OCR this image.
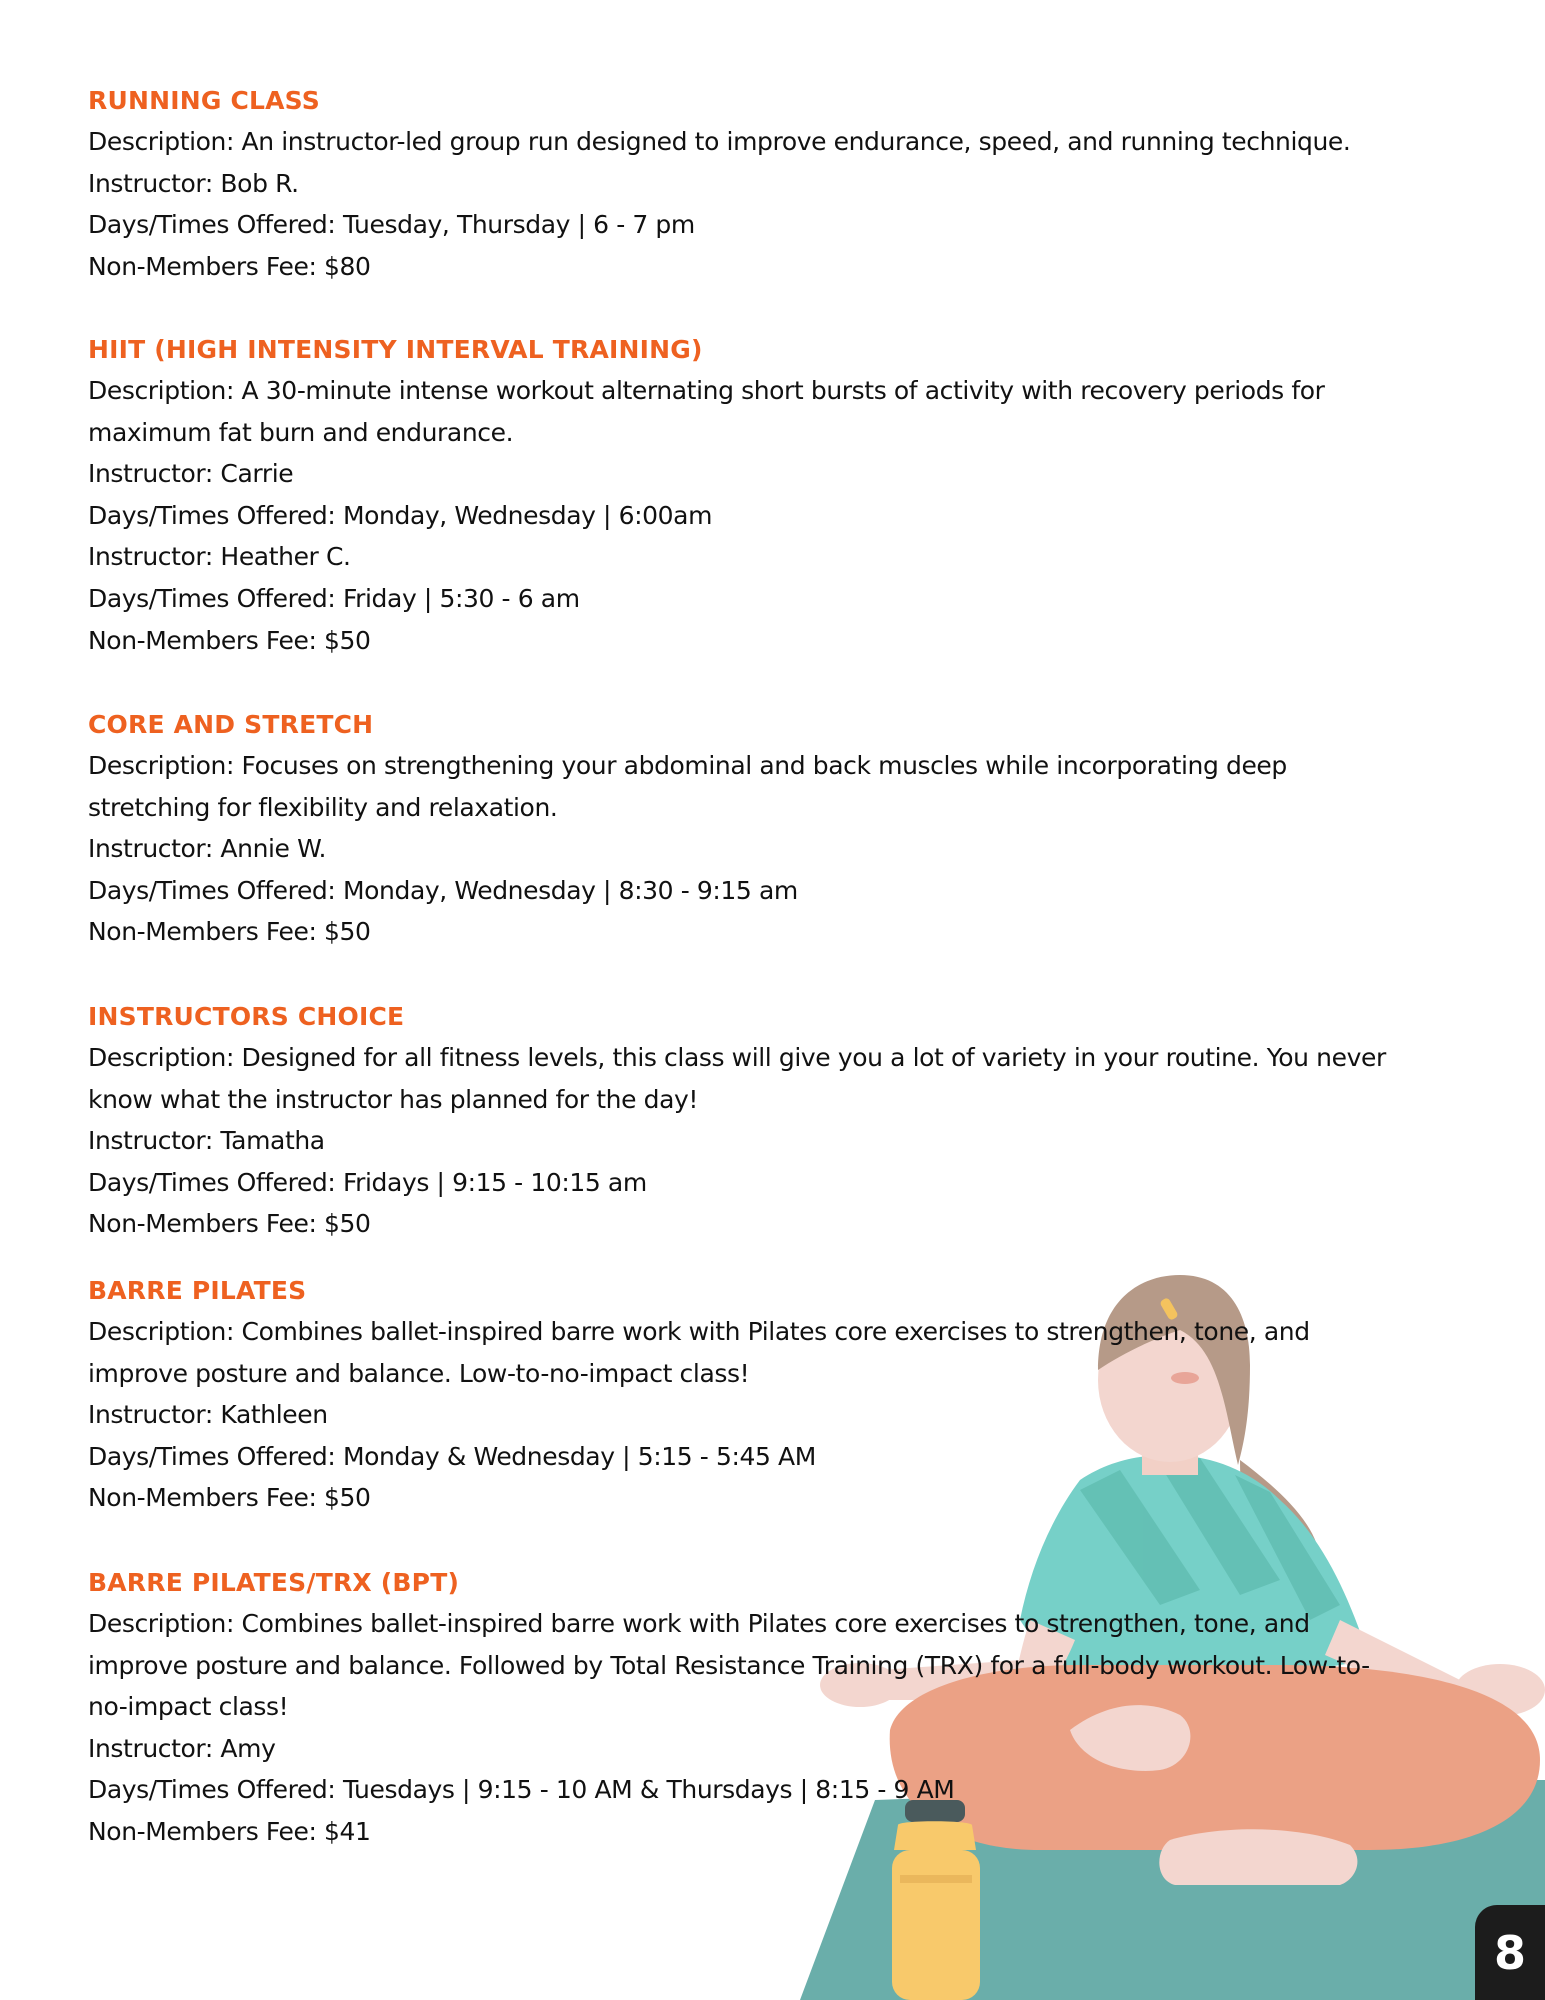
RUNNING CLASS
Description: An instructor-led group run designed to improve endurance, speed, and running technique.
Instructor: Bob R.
Days/Times Offered: Tuesday, Thursday | 6 - 7 pm
Non-Members Fee: $80
HIIT (HIGH INTENSITY INTERVAL TRAINING)
Description: A 30-minute intense workout alternating short bursts of activity with recovery periods for
maximum fat burn and endurance.
Instructor: Carrie
Days/Times Offered: Monday, Wednesday | 6:00am
Instructor: Heather C.
Days/Times Offered: Friday | 5:30 - 6 am
Non-Members Fee: $50
CORE AND STRETCH
Description: Focuses on strengthening your abdominal and back muscles while incorporating deep
stretching for flexibility and relaxation.
Instructor: Annie W.
Days/Times Offered: Monday, Wednesday | 8:30 - 9:15 am
Non-Members Fee: $50
INSTRUCTORS CHOICE
Description: Designed for all fitness levels, this class will give you a lot of variety in your routine. You never
know what the instructor has planned for the day!
Instructor: Tamatha
Days/Times Offered: Fridays | 9:15 - 10:15 am
Non-Members Fee: $50
BARRE PILATES
Description: Combines ballet-inspired barre work with Pilates core exercises to strengthen, tone, and
improve posture and balance. Low-to-no-impact class!
Instructor: Kathleen
Days/Times Offered: Monday & Wednesday | 5:15 - 5:45 AM
Non-Members Fee: $50
BARRE PILATES/TRX (BPT)
Description: Combines ballet-inspired barre work with Pilates core exercises to strengthen, tone, and
improve posture and balance. Followed by Total Resistance Training (TRX) for a full-body workout. Low-to-
no-impact class!
Instructor: Amy
Days/Times Offered: Tuesdays | 9:15 - 10 AM & Thursdays | 8:15 - 9 AM
Non-Members Fee: $41
8
